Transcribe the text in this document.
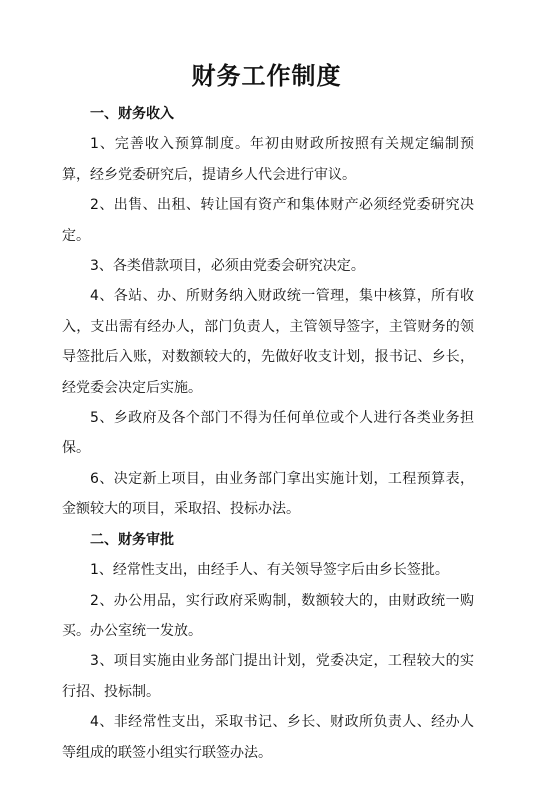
财务工作制度

一、财务收入

1、完善收入预算制度。年初由财政所按照有关规定编制预算，经乡党委研究后，提请乡人代会进行审议。

2、出售、出租、转让国有资产和集体财产必须经党委研究决定。

3、各类借款项目，必须由党委会研究决定。

4、各站、办、所财务纳入财政统一管理，集中核算，所有收入，支出需有经办人，部门负责人，主管领导签字，主管财务的领导签批后入账，对数额较大的，先做好收支计划，报书记、乡长，经党委会决定后实施。

5、乡政府及各个部门不得为任何单位或个人进行各类业务担保。

6、决定新上项目，由业务部门拿出实施计划，工程预算表，金额较大的项目，采取招、投标办法。

二、财务审批

1、经常性支出，由经手人、有关领导签字后由乡长签批。

2、办公用品，实行政府采购制，数额较大的，由财政统一购买。办公室统一发放。

3、项目实施由业务部门提出计划，党委决定，工程较大的实行招、投标制。

4、非经常性支出，采取书记、乡长、财政所负责人、经办人等组成的联签小组实行联签办法。
